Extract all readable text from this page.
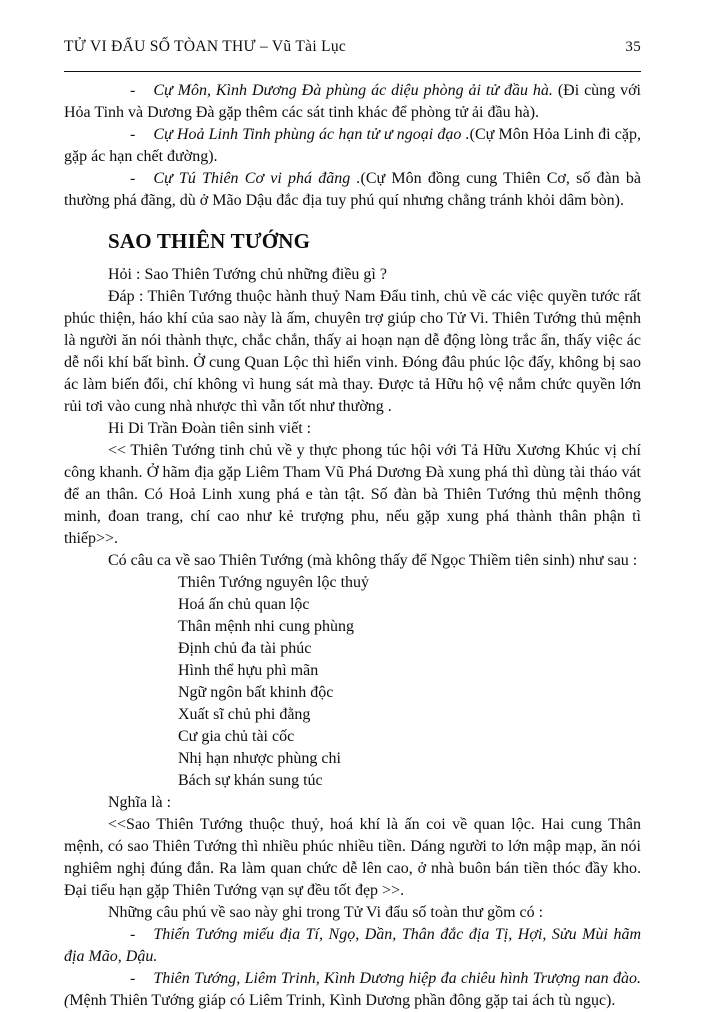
TỬ VI ĐẨU SỐ TÒAN THƯ – Vũ Tài Lục	35

- Cự Môn, Kình Dương Đà phùng ác diệu phòng ải tử đầu hà. (Đi cùng với Hỏa Tinh và Dương Đà gặp thêm các sát tinh khác để phòng tử ải đầu hà).

- Cự Hoả Linh Tinh phùng ác hạn tử ư ngoại đạo .(Cự Môn Hỏa Linh đi cặp, gặp ác hạn chết đường).

- Cự Tú Thiên Cơ vi phá đãng .(Cự Môn đồng cung Thiên Cơ, số đàn bà thường phá đãng, dù ở Mão Dậu đắc địa tuy phú quí nhưng chẳng tránh khỏi dâm bòn).

SAO THIÊN TƯỚNG

Hỏi : Sao Thiên Tướng chủ những điều gì ?

Đáp : Thiên Tướng thuộc hành thuỷ Nam Đẩu tinh, chủ về các việc quyền tước rất phúc thiện, háo khí của sao này là ấm, chuyên trợ giúp cho Tử Vi. Thiên Tướng thủ mệnh là người ăn nói thành thực, chắc chắn, thấy ai hoạn nạn dễ động lòng trắc ẩn, thấy việc ác dễ nổi khí bất bình. Ở cung Quan Lộc thì hiển vinh. Đóng đâu phúc lộc đấy, không bị sao ác làm biến đổi, chí không vì hung sát mà thay. Được tả Hữu hộ vệ nắm chức quyền lớn rủi tơi vào cung nhà nhược thì vẫn tốt như thường .

Hi Di Trần Đoàn tiên sinh viết :

<< Thiên Tướng tinh chủ về y thực phong túc hội với Tả Hữu Xương Khúc vị chí công khanh. Ở hãm địa gặp Liêm Tham Vũ Phá Dương Đà xung phá thì dùng tài tháo vát để an thân. Có Hoả Linh xung phá e tàn tật. Số đàn bà Thiên Tướng thủ mệnh thông minh, đoan trang, chí cao như kẻ trượng phu, nếu gặp xung phá thành thân phận tì thiếp>>.

Có câu ca về sao Thiên Tướng (mà không thấy để Ngọc Thiềm tiên sinh) như sau :

Thiên Tướng nguyên lộc thuỷ
Hoá ấn chủ quan lộc
Thân mệnh nhi cung phùng
Định chủ đa tài phúc
Hình thể hựu phì mãn
Ngữ ngôn bất khinh độc
Xuất sĩ chủ phi đằng
Cư gia chủ tài cốc
Nhị hạn nhược phùng chi
Bách sự khán sung túc

Nghĩa là :

<<Sao Thiên Tướng thuộc thuỷ, hoá khí là ấn coi về quan lộc. Hai cung Thân mệnh, có sao Thiên Tướng thì nhiều phúc nhiều tiền. Dáng người to lớn mập mạp, ăn nói nghiêm nghị đúng đắn. Ra làm quan chức dễ lên cao, ở nhà buôn bán tiền thóc đầy kho. Đại tiểu hạn gặp Thiên Tướng vạn sự đều tốt đẹp >>.

Những câu phú về sao này ghi trong Tử Vi đẩu số toàn thư gồm có :

- Thiến Tướng miếu địa Tí, Ngọ, Dần, Thân đắc địa Tị, Hợi, Sửu Mùi hãm địa Mão, Dậu.

- Thiên Tướng, Liêm Trinh, Kình Dương hiệp đa chiêu hình Trượng nan đào. (Mệnh Thiên Tướng giáp có Liêm Trinh, Kình Dương phần đông gặp tai ách tù ngục).
